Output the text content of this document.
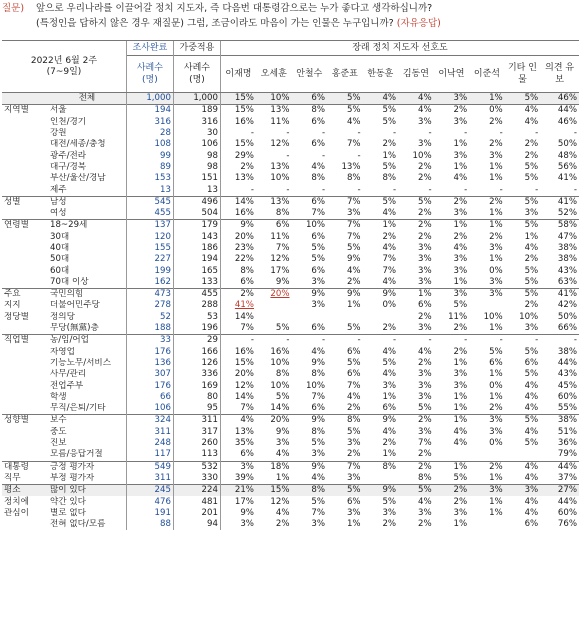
질문) 앞으로 우리나라를 이끌어갈 정치 지도자, 즉 다음번 대통령감으로는 누가 좋다고 생각하십니까?
(특정인을 답하지 않은 경우 재질문) 그럼, 조금이라도 마음이 가는 인물은 누구입니까? (자유응답)
2022년 6월 2주
(7~9일)		조사완료	가중적용	장래 정치 지도자 선호도									
		사례수
(명)	사례수
(명)	이재명	오세훈	안철수	홍준표	한동훈	김동연	이낙연	이준석	기타 인물	의견 유보
	전체	1,000	1,000	15%	10%	6%	5%	4%	4%	3%	1%	5%	46%
지역별	서울	194	189	15%	13%	8%	5%	5%	4%	2%	0%	4%	44%
	인천/경기	316	316	16%	11%	6%	4%	5%	3%	3%	2%	4%	46%
	강원	28	30	-	-	-	-	-	-	-	-	-	-
	대전/세종/충청	108	106	15%	12%	6%	7%	2%	3%	1%	2%	2%	50%
	광주/전라	99	98	29%	-	-	-	1%	10%	3%	3%	2%	48%
	대구/경북	89	98	2%	13%	4%	13%	5%	2%	1%	1%	5%	56%
	부산/울산/경남	153	151	13%	10%	8%	8%	8%	2%	4%	1%	5%	41%
	제주	13	13	-	-	-	-	-	-	-	-	-	-
성별	남성	545	496	14%	13%	6%	7%	5%	5%	2%	2%	5%	41%
	여성	455	504	16%	8%	7%	3%	4%	2%	3%	1%	3%	52%
연령별	18~29세	137	179	9%	6%	10%	7%	1%	2%	1%	1%	5%	58%
	30대	120	143	20%	11%	6%	7%	2%	2%	2%	2%	1%	47%
	40대	155	186	23%	7%	5%	5%	4%	3%	4%	3%	4%	38%
	50대	227	194	22%	12%	5%	9%	7%	3%	3%	1%	2%	38%
	60대	199	165	8%	17%	6%	4%	7%	3%	3%	0%	5%	43%
	70대 이상	162	133	6%	9%	3%	2%	4%	3%	1%	3%	5%	63%
주요	국민의힘	473	455	2%	20%	9%	9%	9%	1%	3%	3%	5%	41%
지지	더불어민주당	278	288	41%		3%	1%	0%	6%	5%		2%	42%
정당별	정의당	52	53	14%					2%	11%	10%	10%	50%
	무당(無黨)층	188	196	7%	5%	6%	5%	2%	3%	2%	1%	3%	66%
직업별	농/임/어업	33	29	-	-	-	-	-	-	-	-	-	-
	자영업	176	166	16%	16%	4%	6%	4%	4%	2%	5%	5%	38%
	기능노무/서비스	136	126	15%	10%	9%	5%	5%	2%	1%	6%	6%	44%
	사무/관리	307	336	20%	8%	8%	6%	4%	3%	3%	1%	5%	43%
	전업주부	176	169	12%	10%	10%	7%	3%	3%	3%	0%	4%	45%
	학생	66	80	14%	5%	7%	4%	1%	3%	1%	1%	4%	60%
	무직/은퇴/기타	106	95	7%	14%	6%	2%	6%	5%	1%	2%	4%	55%
성향별	보수	324	311	4%	20%	9%	8%	9%	2%	1%	3%	5%	38%
	중도	311	317	13%	9%	8%	5%	4%	3%	4%	3%	4%	51%
	진보	248	260	35%	3%	5%	3%	2%	7%	4%	0%	5%	36%
	모름/응답거절	117	113	6%	4%	3%	2%	1%	2%				79%
대통령	긍정 평가자	549	532	3%	18%	9%	7%	8%	2%	1%	2%	4%	44%
직무	부정 평가자	311	330	39%	1%	4%	3%		8%	5%	1%	4%	37%
평소	많이 있다	245	224	21%	15%	8%	5%	9%	5%	2%	3%	3%	27%
정치에	약간 있다	476	481	17%	12%	5%	6%	5%	4%	2%	1%	4%	44%
관심이	별로 없다	191	201	9%	4%	7%	3%	3%	3%	3%	1%	4%	60%
	전혀 없다/모름	88	94	3%	2%	3%	1%	2%	2%	1%		6%	76%
